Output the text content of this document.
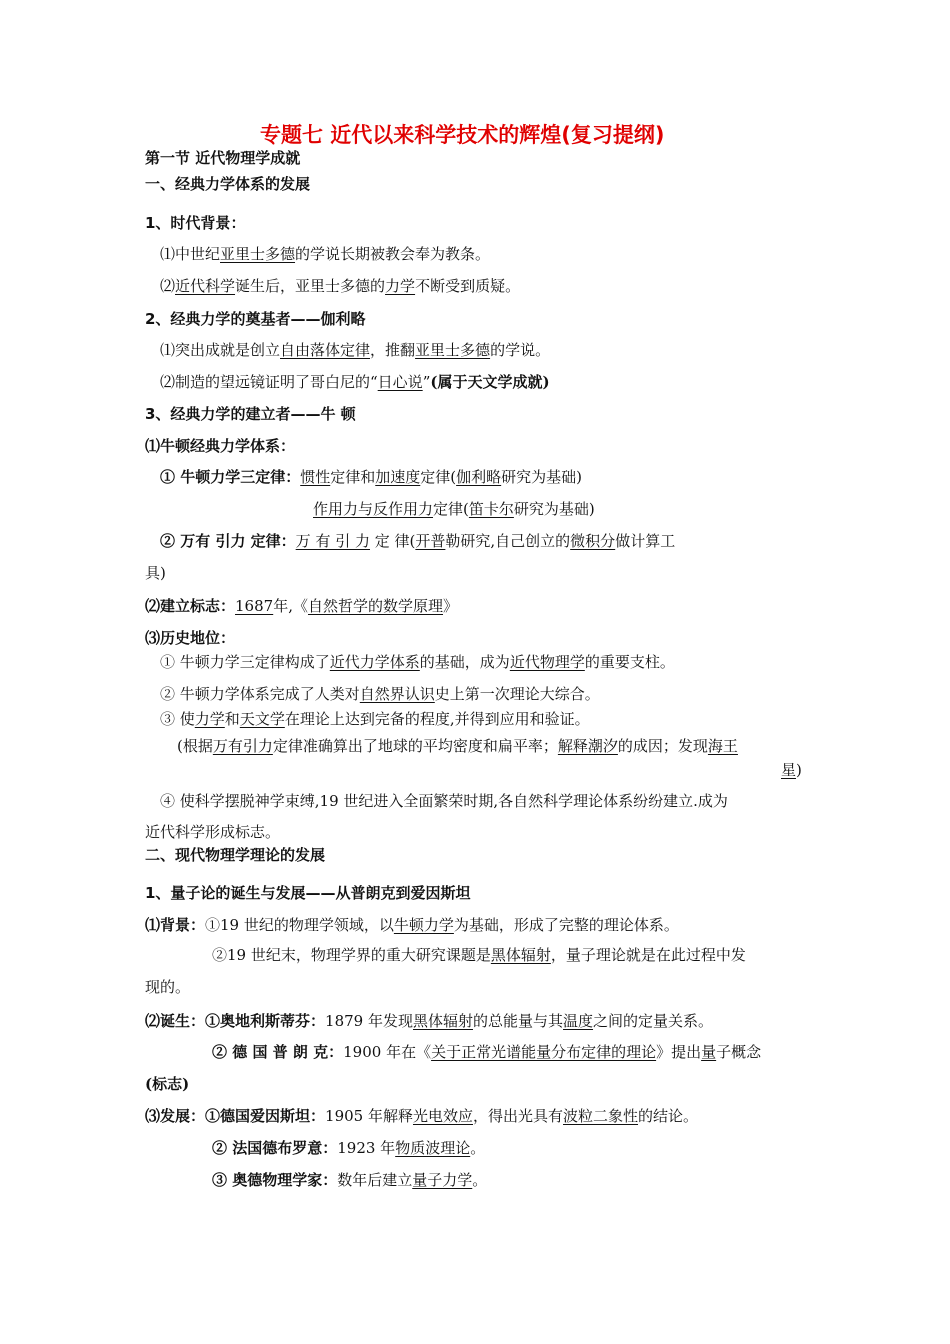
专题七 近代以来科学技术的辉煌(复习提纲)
第一节 近代物理学成就
一、经典力学体系的发展
1、时代背景：
⑴中世纪亚里士多德的学说长期被教会奉为教条。
⑵近代科学诞生后，亚里士多德的力学不断受到质疑。
2、经典力学的奠基者——伽利略
⑴突出成就是创立自由落体定律，推翻亚里士多德的学说。
⑵制造的望远镜证明了哥白尼的“日心说”(属于天文学成就)
3、经典力学的建立者——牛 顿
⑴牛顿经典力学体系：
① 牛顿力学三定律：惯性定律和加速度定律(伽利略研究为基础)
作用力与反作用力定律(笛卡尔研究为基础)
② 万有 引力 定律：万 有 引 力 定 律(开普勒研究,自己创立的微积分做计算工
具)
⑵建立标志：1687年,《自然哲学的数学原理》
⑶历史地位：
① 牛顿力学三定律构成了近代力学体系的基础，成为近代物理学的重要支柱。
② 牛顿力学体系完成了人类对自然界认识史上第一次理论大综合。
③ 使力学和天文学在理论上达到完备的程度,并得到应用和验证。
(根据万有引力定律准确算出了地球的平均密度和扁平率；解释潮汐的成因；发现海王
星)
④ 使科学摆脱神学束缚,19 世纪进入全面繁荣时期,各自然科学理论体系纷纷建立.成为
近代科学形成标志。
二、现代物理学理论的发展
1、量子论的诞生与发展——从普朗克到爱因斯坦
⑴背景：①19 世纪的物理学领域，以牛顿力学为基础，形成了完整的理论体系。
②19 世纪末，物理学界的重大研究课题是黑体辐射，量子理论就是在此过程中发
现的。
⑵诞生：①奥地利斯蒂芬：1879 年发现黑体辐射的总能量与其温度之间的定量关系。
② 德 国 普 朗 克：1900 年在《关于正常光谱能量分布定律的理论》提出量子概念
(标志)
⑶发展：①德国爱因斯坦：1905 年解释光电效应，得出光具有波粒二象性的结论。
② 法国德布罗意：1923 年物质波理论。
③ 奥德物理学家：数年后建立量子力学。
